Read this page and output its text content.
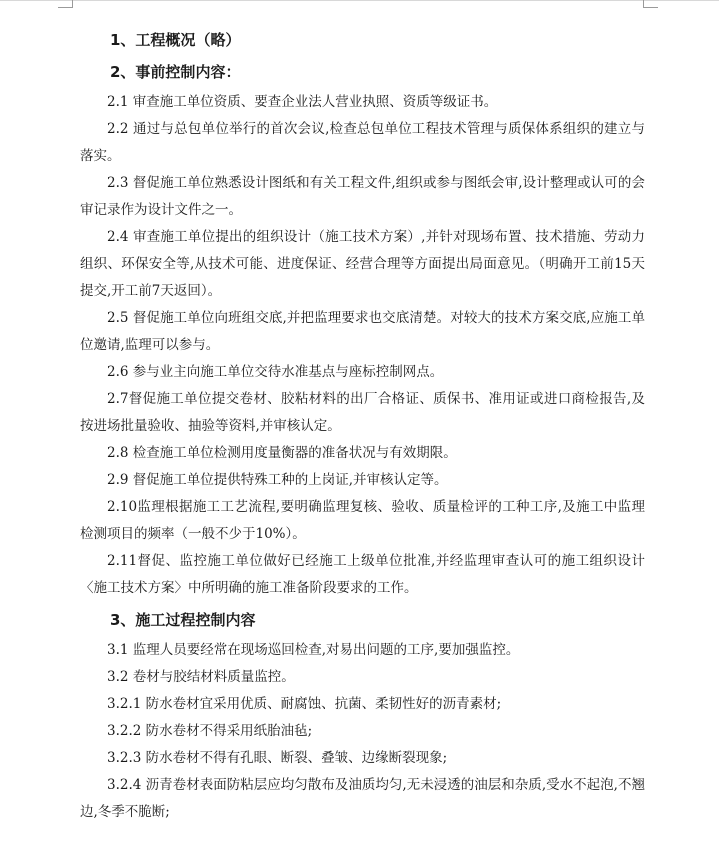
1、工程概况（略）
2、事前控制内容：

2.1 审查施工单位资质、要查企业法人营业执照、资质等级证书。

2.2 通过与总包单位举行的首次会议,检查总包单位工程技术管理与质保体系组织的建立与落实。

2.3 督促施工单位熟悉设计图纸和有关工程文件,组织或参与图纸会审,设计整理或认可的会审记录作为设计文件之一。

2.4 审查施工单位提出的组织设计（施工技术方案）,并针对现场布置、技术措施、劳动力组织、环保安全等,从技术可能、进度保证、经营合理等方面提出局面意见。（明确开工前15天提交,开工前7天返回）。

2.5 督促施工单位向班组交底,并把监理要求也交底清楚。对较大的技术方案交底,应施工单位邀请,监理可以参与。

2.6 参与业主向施工单位交待水准基点与座标控制网点。

2.7督促施工单位提交卷材、胶粘材料的出厂合格证、质保书、准用证或进口商检报告,及按进场批量验收、抽验等资料,并审核认定。

2.8 检查施工单位检测用度量衡器的准备状况与有效期限。

2.9 督促施工单位提供特殊工种的上岗证,并审核认定等。

2.10监理根据施工工艺流程,要明确监理复核、验收、质量检评的工种工序,及施工中监理检测项目的频率（一般不少于10%）。

2.11督促、监控施工单位做好已经施工上级单位批准,并经监理审查认可的施工组织设计〈施工技术方案〉中所明确的施工准备阶段要求的工作。

3、施工过程控制内容

3.1 监理人员要经常在现场巡回检查,对易出问题的工序,要加强监控。

3.2 卷材与胶结材料质量监控。

3.2.1 防水卷材宜采用优质、耐腐蚀、抗菌、柔韧性好的沥青素材;

3.2.2 防水卷材不得采用纸胎油毡;

3.2.3 防水卷材不得有孔眼、断裂、叠皱、边缘断裂现象;

3.2.4 沥青卷材表面防粘层应均匀散布及油质均匀,无未浸透的油层和杂质,受水不起泡,不翘边,冬季不脆断;
